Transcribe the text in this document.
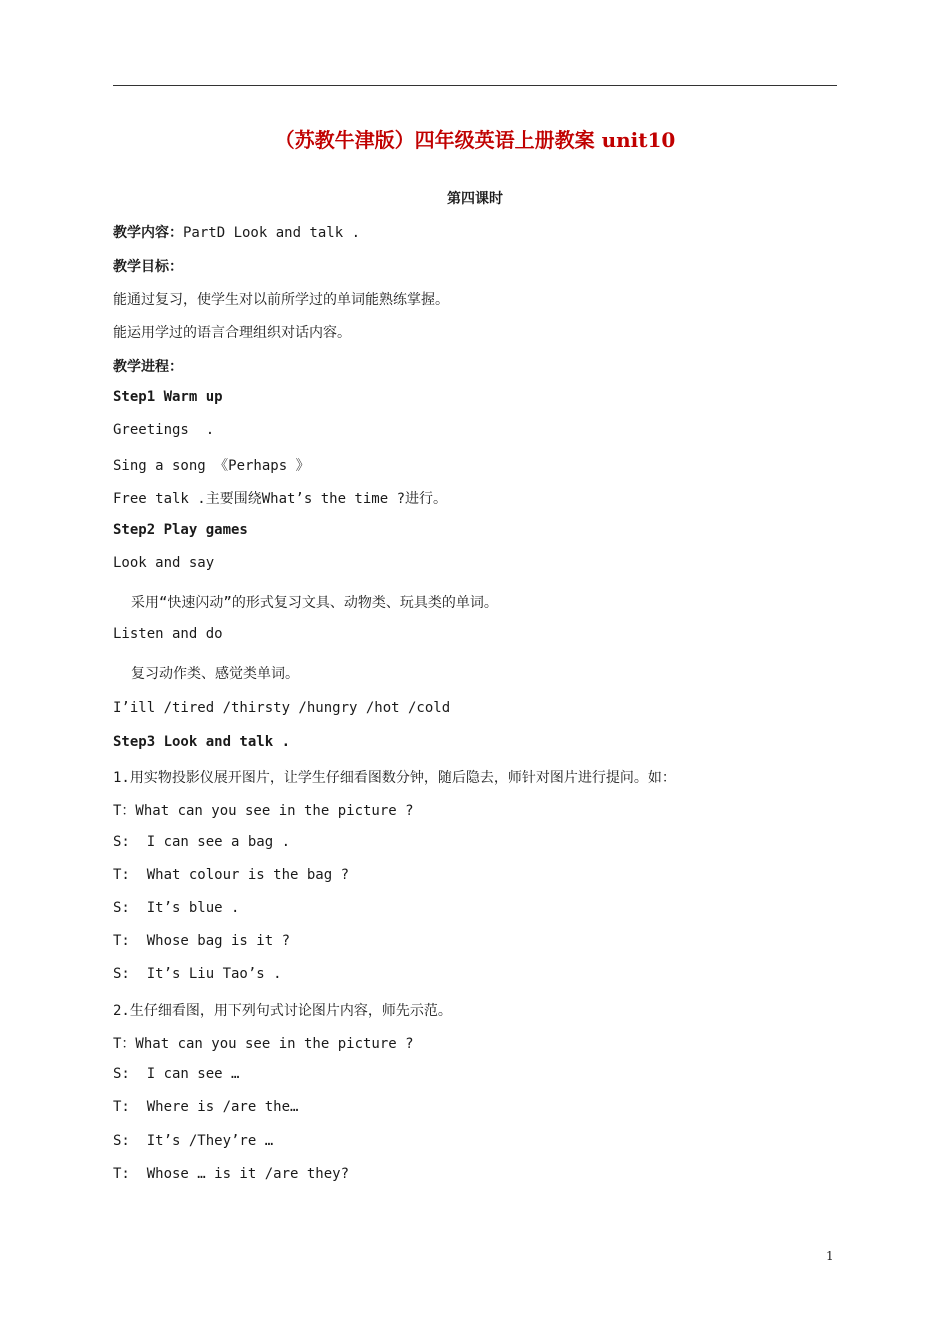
（苏教牛津版）四年级英语上册教案 unit10
第四课时
教学内容：PartD Look and talk .
教学目标：
能通过复习，使学生对以前所学过的单词能熟练掌握。
能运用学过的语言合理组织对话内容。
教学进程：
Step1 Warm up
Greetings  .
Sing a song 《Perhaps 》
Free talk .主要围绕What’s the time ?进行。
Step2 Play games
Look and say
采用“快速闪动”的形式复习文具、动物类、玩具类的单词。
Listen and do
复习动作类、感觉类单词。
I’ill /tired /thirsty /hungry /hot /cold
Step3 Look and talk .
1.用实物投影仪展开图片，让学生仔细看图数分钟，随后隐去，师针对图片进行提问。如：
T：What can you see in the picture ?
S:  I can see a bag .
T:  What colour is the bag ?
S:  It’s blue .
T:  Whose bag is it ?
S:  It’s Liu Tao’s .
2.生仔细看图，用下列句式讨论图片内容，师先示范。
T：What can you see in the picture ?
S:  I can see …
T:  Where is /are the…
S:  It’s /They’re …
T:  Whose … is it /are they?
1
